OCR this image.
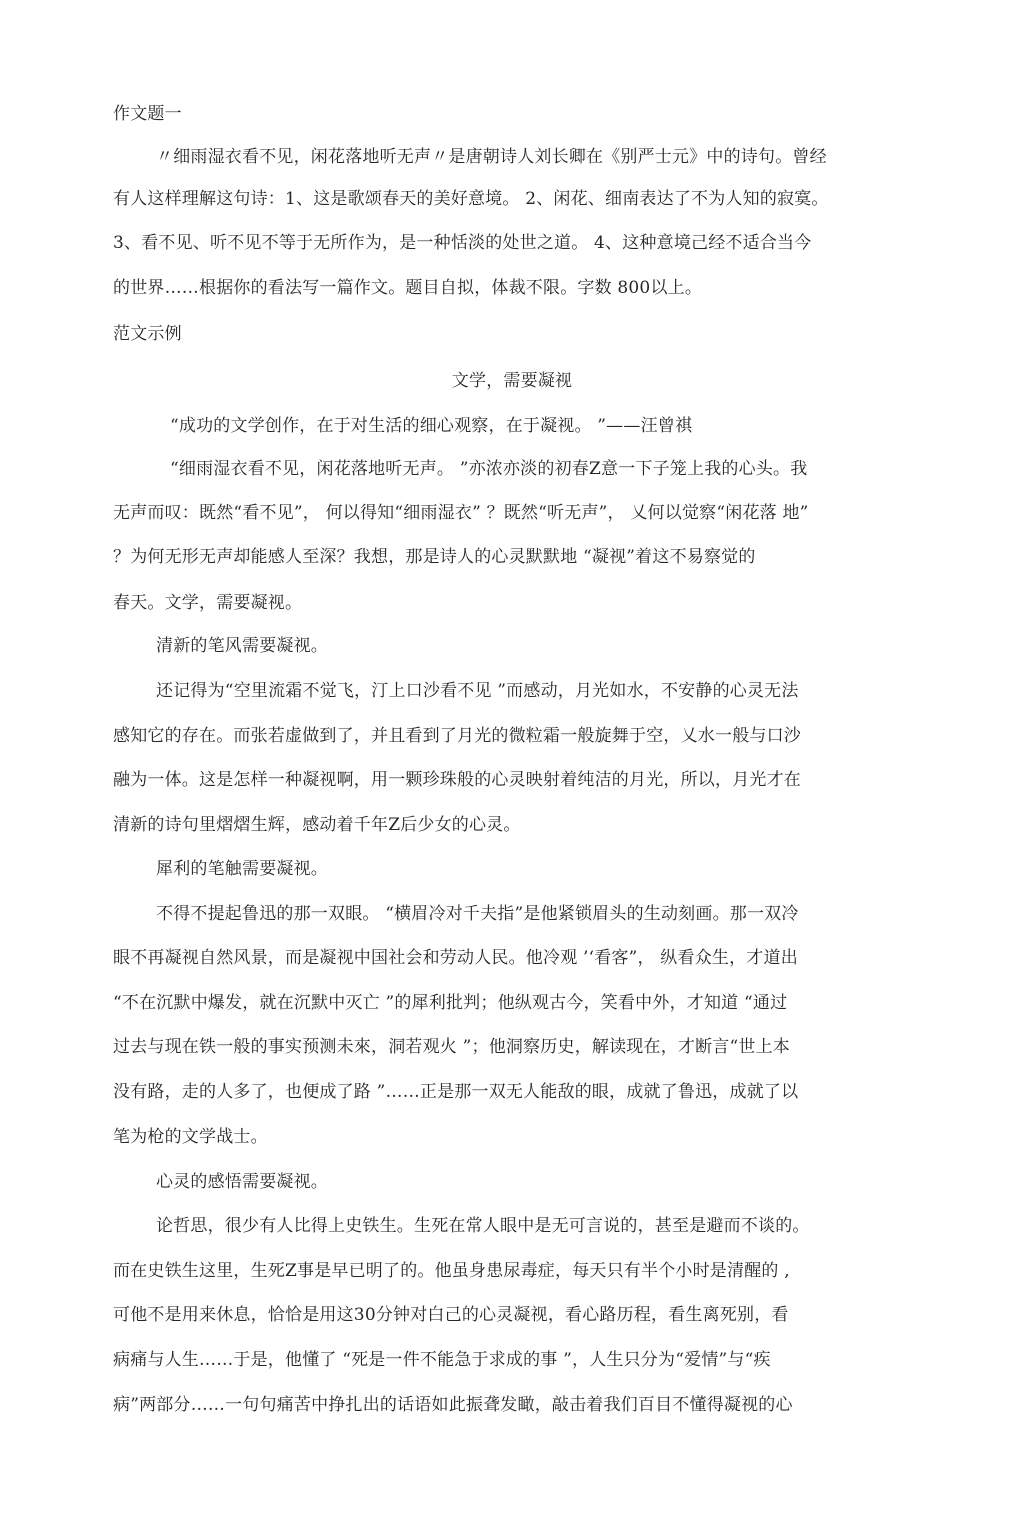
作文题一
〃细雨湿衣看不见，闲花落地听无声〃是唐朝诗人刘长卿在《别严士元》中的诗句。曾经
有人这样理解这句诗：1、这是歌颂春天的美好意境。 2、闲花、细南表达了不为人知的寂寞。
3、看不见、听不见不等于无所作为，是一种恬淡的处世之道。 4、这种意境己经不适合当今
的世界……根据你的看法写一篇作文。题目自拟，体裁不限。字数 800以上。
范文示例
文学，需要凝视
“成功的文学创作，在于对生活的细心观察，在于凝视。 ”——汪曾祺
“细雨湿衣看不见，闲花落地听无声。 ”亦浓亦淡的初春Z意一下子笼上我的心头。我
无声而叹：既然“看不见”， 何以得知“细雨湿衣” ？既然“听无声”， 乂何以觉察“闲花落 地”
？为何无形无声却能感人至深？我想，那是诗人的心灵默默地 “凝视”着这不易察觉的
春天。文学，需要凝视。
清新的笔风需要凝视。
还记得为“空里流霜不觉飞，汀上口沙看不见 ”而感动，月光如水，不安静的心灵无法
感知它的存在。而张若虚做到了，并且看到了月光的微粒霜一般旋舞于空，乂水一般与口沙
融为一体。这是怎样一种凝视啊，用一颗珍珠般的心灵映射着纯洁的月光，所以，月光才在
清新的诗句里熠熠生辉，感动着千年Z后少女的心灵。
犀利的笔触需要凝视。
不得不提起鲁迅的那一双眼。 “横眉冷对千夫指”是他紧锁眉头的生动刻画。那一双冷
眼不再凝视自然风景，而是凝视中国社会和劳动人民。他冷观 ’‘看客”， 纵看众生，才道出
“不在沉默中爆发，就在沉默中灭亡 ”的犀利批判；他纵观古今，笑看中外，才知道 “通过
过去与现在铁一般的事实预测未來，洞若观火 ”；他洞察历史，解读现在，才断言“世上本
没有路，走的人多了，也便成了路 ”……正是那一双无人能敌的眼，成就了鲁迅，成就了以
笔为枪的文学战士。
心灵的感悟需要凝视。
论哲思，很少有人比得上史铁生。生死在常人眼中是无可言说的，甚至是避而不谈的。
而在史铁生这里，生死Z事是早已明了的。他虽身患尿毒症，每天只有半个小时是清醒的 ,
可他不是用来休息，恰恰是用这30分钟对白己的心灵凝视，看心路历程，看生离死别，看
病痛与人生……于是，他懂了 “死是一件不能急于求成的事 ”，人生只分为“爱情”与“疾
病”两部分……一句句痛苦中挣扎出的话语如此振聋发瞰，敲击着我们百目不懂得凝视的心
